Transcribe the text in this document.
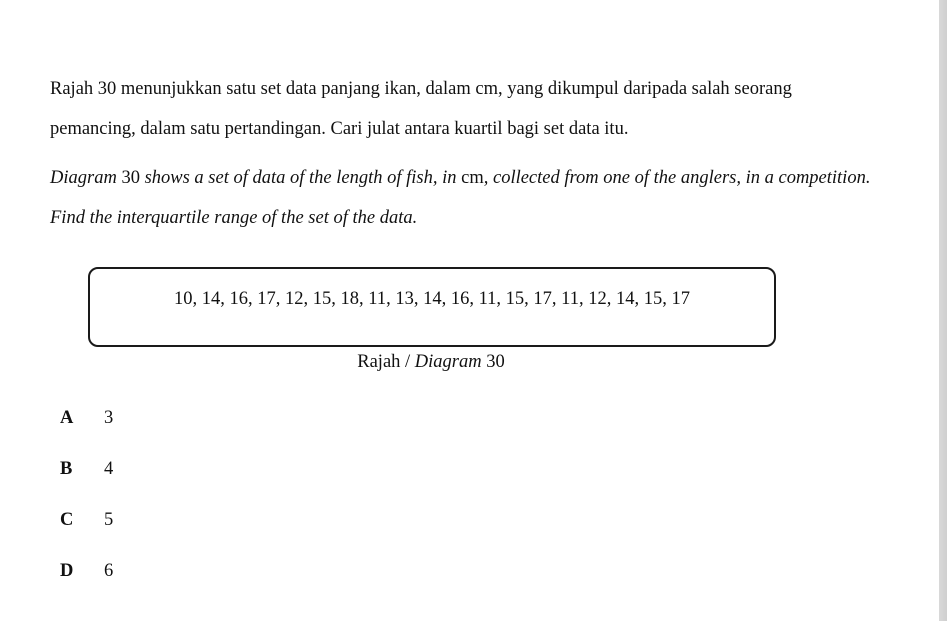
Rajah 30 menunjukkan satu set data panjang ikan, dalam cm, yang dikumpul daripada salah seorang pemancing, dalam satu pertandingan. Cari julat antara kuartil bagi set data itu.

Diagram 30 shows a set of data of the length of fish, in cm, collected from one of the anglers, in a competition. Find the interquartile range of the set of the data.

10, 14, 16, 17, 12, 15, 18, 11, 13, 14, 16, 11, 15, 17, 11, 12, 14, 15, 17
Rajah / Diagram 30
A 3
B 4
C 5
D 6
